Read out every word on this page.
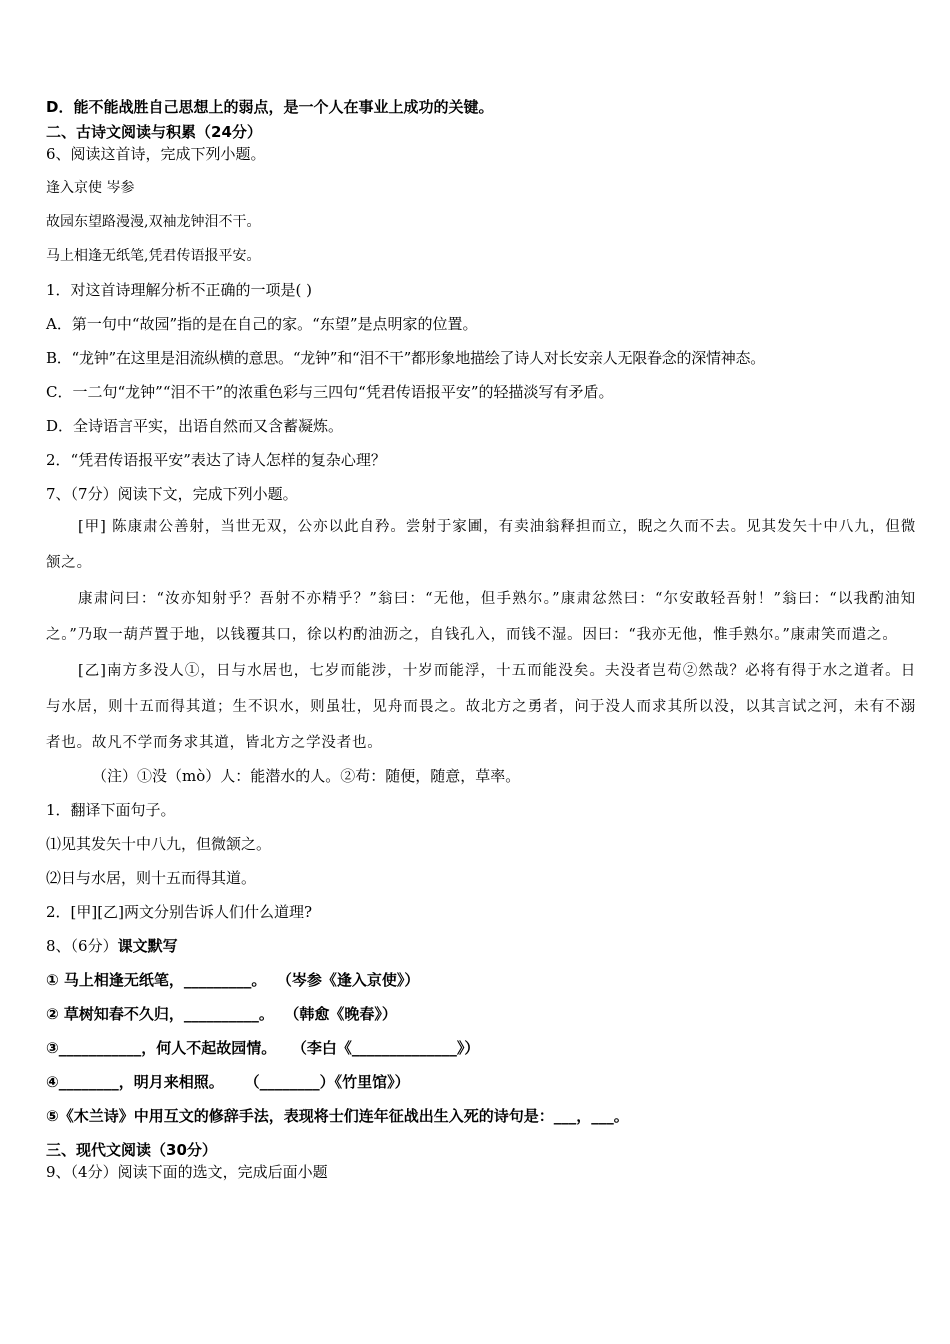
D．能不能战胜自己思想上的弱点，是一个人在事业上成功的关键。

二、古诗文阅读与积累（24分）

6、阅读这首诗，完成下列小题。

逢入京使 岑参

故园东望路漫漫,双袖龙钟泪不干。

马上相逢无纸笔,凭君传语报平安。

1．对这首诗理解分析不正确的一项是( )

A．第一句中“故园”指的是在自己的家。“东望”是点明家的位置。

B．“龙钟”在这里是泪流纵横的意思。“龙钟”和“泪不干”都形象地描绘了诗人对长安亲人无限眷念的深情神态。

C．一二句“龙钟”“泪不干”的浓重色彩与三四句“凭君传语报平安”的轻描淡写有矛盾。

D．全诗语言平实，出语自然而又含蓄凝炼。

2．“凭君传语报平安”表达了诗人怎样的复杂心理？

7、（7分）阅读下文，完成下列小题。

[甲] 陈康肃公善射，当世无双，公亦以此自矜。尝射于家圃，有卖油翁释担而立，睨之久而不去。见其发矢十中八九，但微颔之。

康肃问曰：“汝亦知射乎？吾射不亦精乎？”翁曰：“无他，但手熟尔。”康肃忿然曰：“尔安敢轻吾射！”翁曰：“以我酌油知之。”乃取一葫芦置于地，以钱覆其口，徐以杓酌油沥之，自钱孔入，而钱不湿。因曰：“我亦无他，惟手熟尔。”康肃笑而遣之。

[乙]南方多没人①，日与水居也，七岁而能涉，十岁而能浮，十五而能没矣。夫没者岂苟②然哉？必将有得于水之道者。日与水居，则十五而得其道；生不识水，则虽壮，见舟而畏之。故北方之勇者，问于没人而求其所以没，以其言试之河，未有不溺者也。故凡不学而务求其道，皆北方之学没者也。

（注）①没（mò）人：能潜水的人。②苟：随便，随意，草率。

1．翻译下面句子。

⑴见其发矢十中八九，但微颔之。

⑵日与水居，则十五而得其道。

2．[甲][乙]两文分别告诉人们什么道理?

8、（6分）课文默写

① 马上相逢无纸笔，_________。  （岑参《逢入京使》）

② 草树知春不久归，__________。  （韩愈《晚春》）

③___________，何人不起故园情。   （李白《______________》）

④________，明月来相照。    （________）《竹里馆》）

⑤《木兰诗》中用互文的修辞手法，表现将士们连年征战出生入死的诗句是：___，___。

三、现代文阅读（30分）

9、（4分）阅读下面的选文，完成后面小题
